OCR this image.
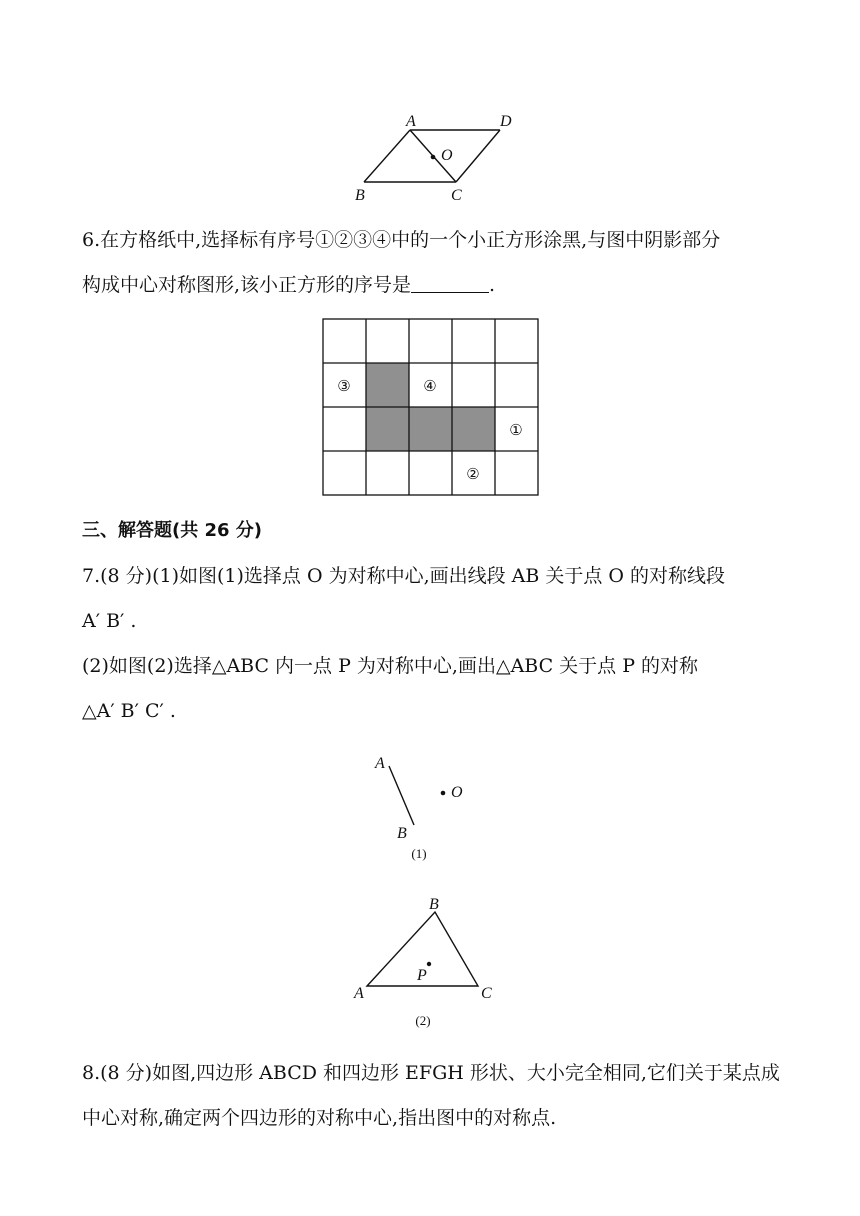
A	D
B	C
O
6.在方格纸中,选择标有序号①②③④中的一个小正方形涂黑,与图中阴影部分
构成中心对称图形,该小正方形的序号是	.
③	④
①
②
三、解答题(共 26 分)
7.(8 分)(1)如图(1)选择点 O 为对称中心,画出线段 AB 关于点 O 的对称线段
A′ B′ .
(2)如图(2)选择△ABC 内一点 P 为对称中心,画出△ABC 关于点 P 的对称
△A′ B′ C′ .
A
B
O
(1)
B
A	C
P
(2)
8.(8 分)如图,四边形 ABCD 和四边形 EFGH 形状、大小完全相同,它们关于某点成
中心对称,确定两个四边形的对称中心,指出图中的对称点.
